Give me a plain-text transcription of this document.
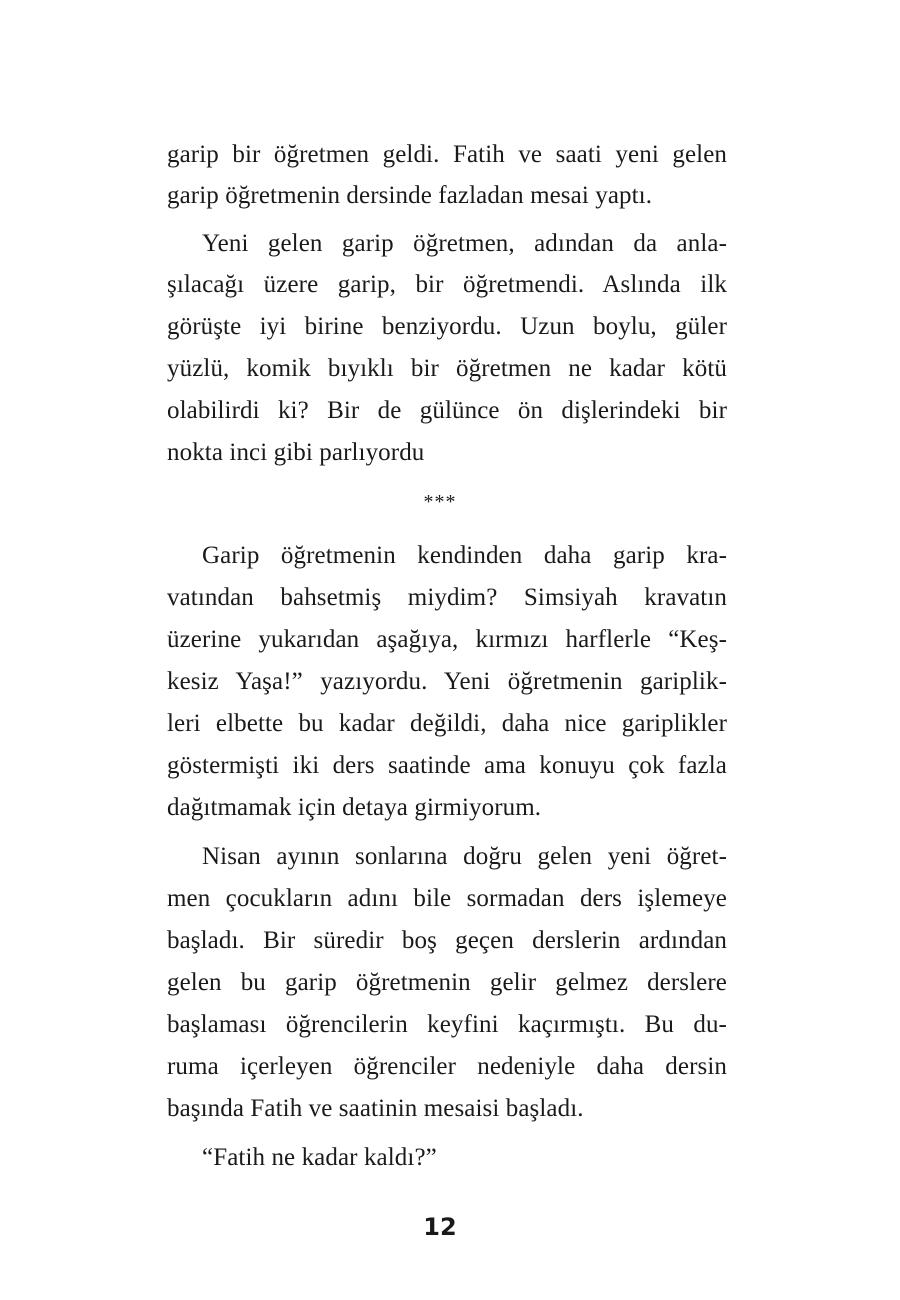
garip bir öğretmen geldi. Fatih ve saati yeni gelen
garip öğretmenin dersinde fazladan mesai yaptı.
Yeni gelen garip öğretmen, adından da anla-
şılacağı üzere garip, bir öğretmendi. Aslında ilk
görüşte iyi birine benziyordu. Uzun boylu, güler
yüzlü, komik bıyıklı bir öğretmen ne kadar kötü
olabilirdi ki? Bir de gülünce ön dişlerindeki bir
nokta inci gibi parlıyordu
***
Garip öğretmenin kendinden daha garip kra-
vatından bahsetmiş miydim? Simsiyah kravatın
üzerine yukarıdan aşağıya, kırmızı harflerle “Keş-
kesiz Yaşa!” yazıyordu. Yeni öğretmenin gariplik-
leri elbette bu kadar değildi, daha nice gariplikler
göstermişti iki ders saatinde ama konuyu çok fazla
dağıtmamak için detaya girmiyorum.
Nisan ayının sonlarına doğru gelen yeni öğret-
men çocukların adını bile sormadan ders işlemeye
başladı. Bir süredir boş geçen derslerin ardından
gelen bu garip öğretmenin gelir gelmez derslere
başlaması öğrencilerin keyfini kaçırmıştı. Bu du-
ruma içerleyen öğrenciler nedeniyle daha dersin
başında Fatih ve saatinin mesaisi başladı.
“Fatih ne kadar kaldı?”
12
